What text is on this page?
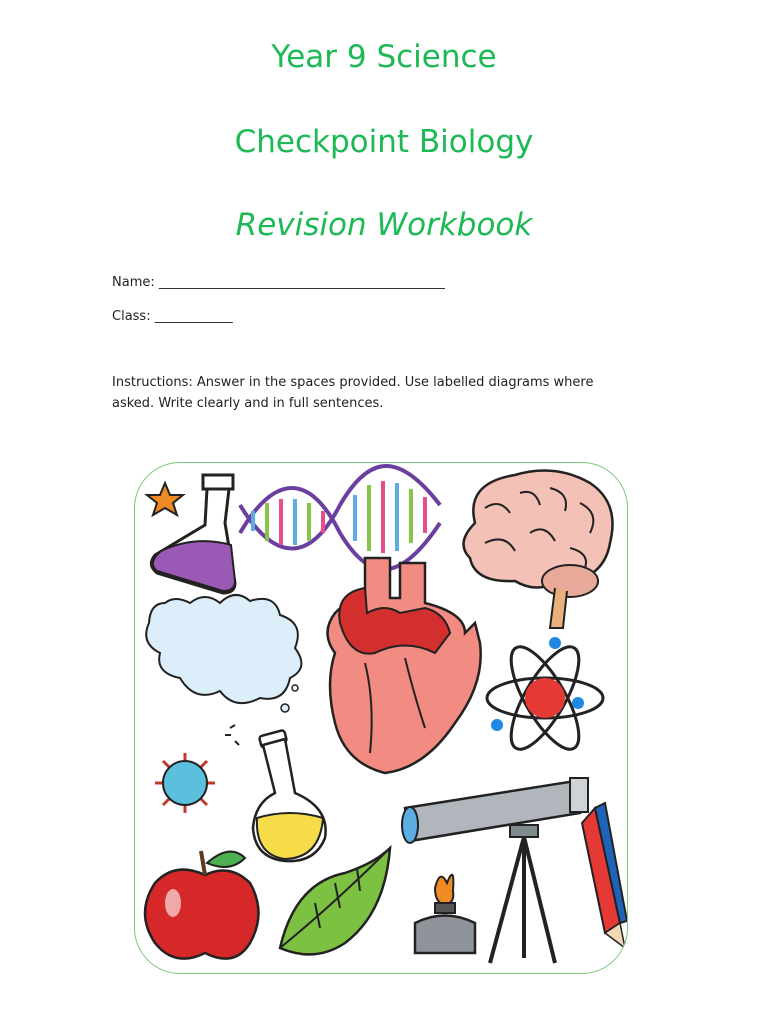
Year 9 Science
Checkpoint Biology
Revision Workbook
Name: ____________________________________________
Class: ____________
Instructions: Answer in the spaces provided. Use labelled diagrams where asked. Write clearly and in full sentences.
